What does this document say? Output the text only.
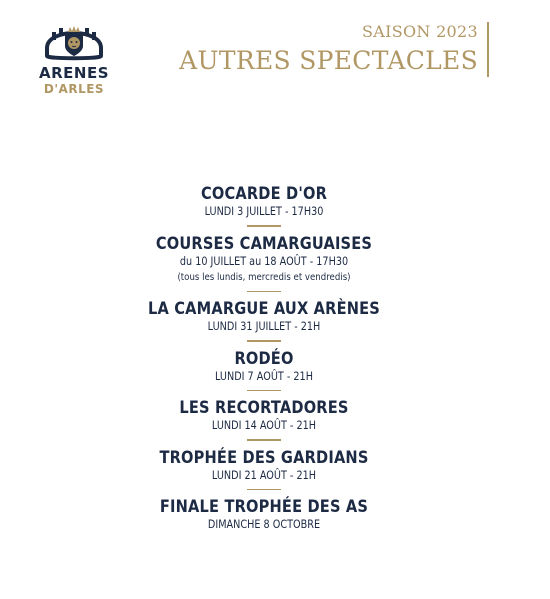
ARENES
D'ARLES
SAISON 2023
AUTRES SPECTACLES
COCARDE D'OR
LUNDI 3 JUILLET - 17H30
COURSES CAMARGUAISES
du 10 JUILLET au 18 AOÛT - 17H30
(tous les lundis, mercredis et vendredis)
LA CAMARGUE AUX ARÈNES
LUNDI 31 JUILLET - 21H
RODÉO
LUNDI 7 AOÛT - 21H
LES RECORTADORES
LUNDI 14 AOÛT - 21H
TROPHÉE DES GARDIANS
LUNDI 21 AOÛT - 21H
FINALE TROPHÉE DES AS
DIMANCHE 8 OCTOBRE
